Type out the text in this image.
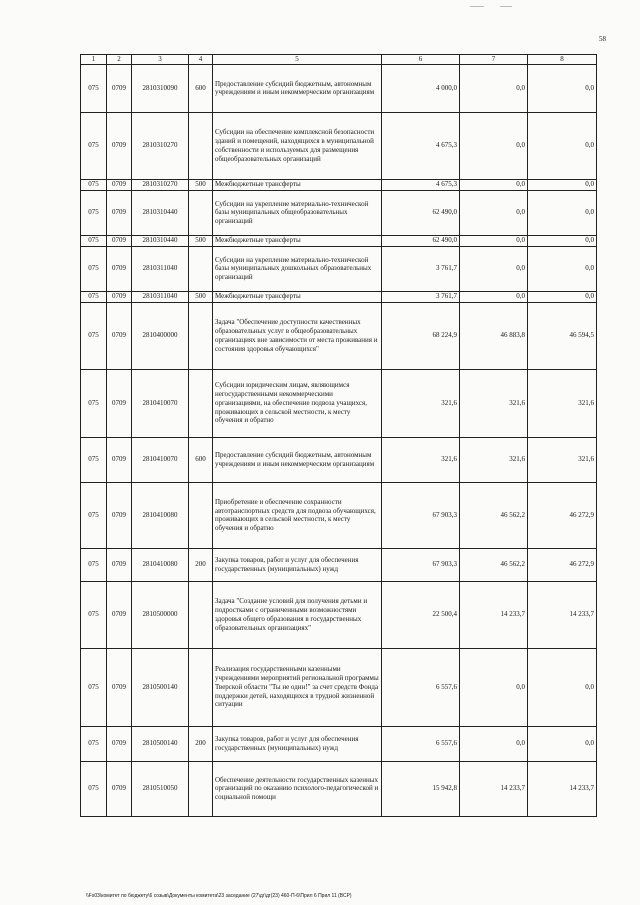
58
1	2	3	4	5	6	7	8
075	0709	2810310090	600	Предоставление субсидий бюджетным, автономным учреждениям и иным некоммерческим организациям	4 000,0	0,0	0,0
075	0709	2810310270		Субсидии на обеспечение комплексной безопасности зданий и помещений, находящихся в муниципальной собственности и используемых для размещения общеобразовательных организаций	4 675,3	0,0	0,0
075	0709	2810310270	500	Межбюджетные трансферты	4 675,3	0,0	0,0
075	0709	2810310440		Субсидии на укрепление материально-технической базы муниципальных общеобразовательных организаций	62 490,0	0,0	0,0
075	0709	2810310440	500	Межбюджетные трансферты	62 490,0	0,0	0,0
075	0709	2810311040		Субсидии на укрепление материально-технической базы муниципальных дошкольных образовательных организаций	3 761,7	0,0	0,0
075	0709	2810311040	500	Межбюджетные трансферты	3 761,7	0,0	0,0
075	0709	2810400000		Задача "Обеспечение доступности качественных образовательных услуг в общеобразовательных организациях вне зависимости от места проживания и состояния здоровья обучающихся"	68 224,9	46 883,8	46 594,5
075	0709	2810410070		Субсидии юридическим лицам, являющимся негосударственными некоммерческими организациями, на обеспечение подвоза учащихся, проживающих в сельской местности, к месту обучения и обратно	321,6	321,6	321,6
075	0709	2810410070	600	Предоставление субсидий бюджетным, автономным учреждениям и иным некоммерческим организациям	321,6	321,6	321,6
075	0709	2810410080		Приобретение и обеспечение сохранности автотранспортных средств для подвоза обучающихся, проживающих в сельской местности, к месту обучения и обратно	67 903,3	46 562,2	46 272,9
075	0709	2810410080	200	Закупка товаров, работ и услуг для обеспечения государственных (муниципальных) нужд	67 903,3	46 562,2	46 272,9
075	0709	2810500000		Задача "Создание условий для получения детьми и подростками с ограниченными возможностями здоровья общего образования в государственных образовательных организациях"	22 500,4	14 233,7	14 233,7
075	0709	2810500140		Реализация государственными казенными учреждениями мероприятий региональной программы Тверской области "Ты не один!" за счет средств Фонда поддержки детей, находящихся в трудной жизненной ситуации	6 557,6	0,0	0,0
075	0709	2810500140	200	Закупка товаров, работ и услуг для обеспечения государственных (муниципальных) нужд	6 557,6	0,0	0,0
075	0709	2810510050		Обеспечение деятельности государственных казенных организаций по оказанию психолого-педагогической и социальной помощи	15 942,8	14 233,7	14 233,7
\\Fs03\комитет по бюджету\6 созыв\Документы комитета\23 заседание (27\дг\дг(23) 460-П-6\Прил 6 Прил 11 (ВСР)
